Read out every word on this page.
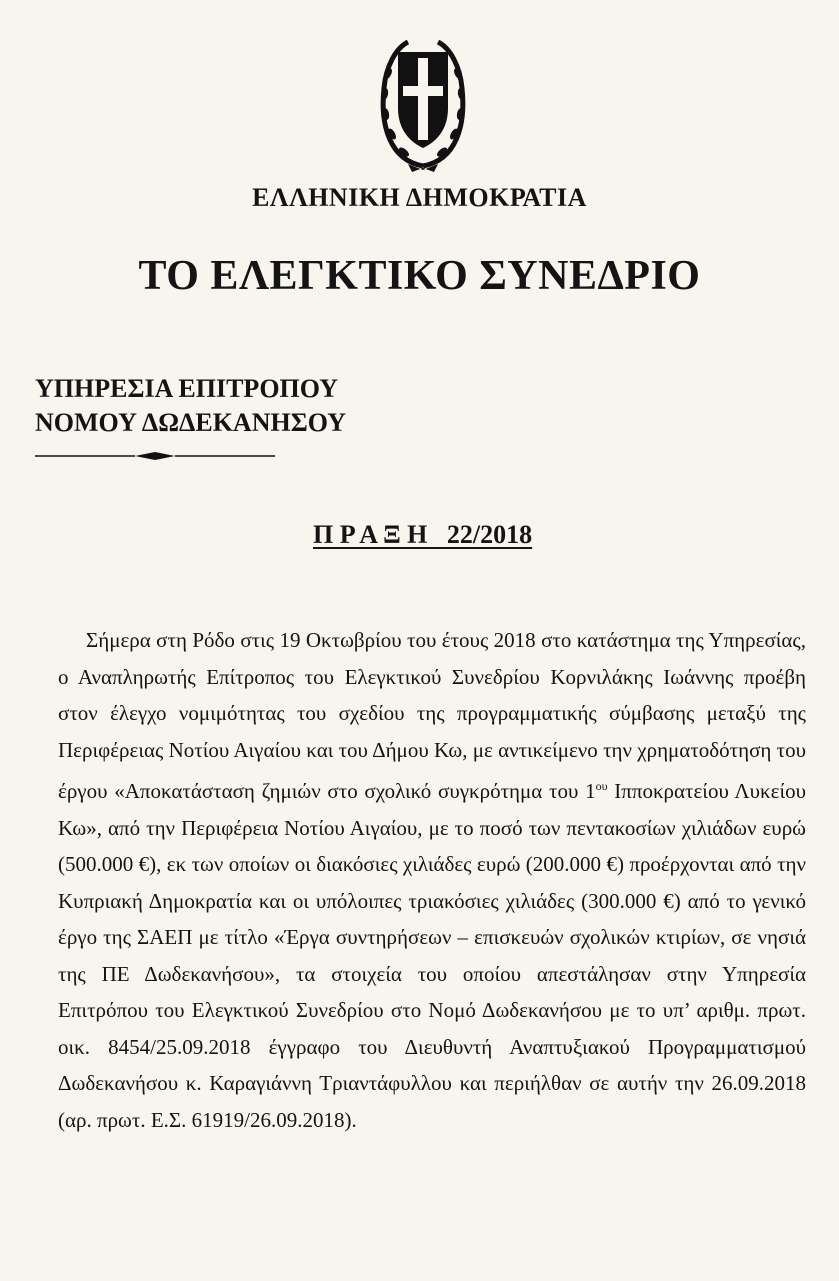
ΕΛΛΗΝΙΚΗ ΔΗΜΟΚΡΑΤΙΑ
ΤΟ ΕΛΕΓΚΤΙΚΟ ΣΥΝΕΔΡΙΟ
ΥΠΗΡΕΣΙΑ ΕΠΙΤΡΟΠΟΥ
ΝΟΜΟΥ ΔΩΔΕΚΑΝΗΣΟΥ
Π Ρ Α Ξ Η   22/2018
Σήμερα στη Ρόδο στις 19 Οκτωβρίου του έτους 2018 στο κατάστημα της Υπηρεσίας, ο Αναπληρωτής Επίτροπος του Ελεγκτικού Συνεδρίου Κορνιλάκης Ιωάννης προέβη στον έλεγχο νομιμότητας του σχεδίου της προγραμματικής σύμβασης μεταξύ της Περιφέρειας Νοτίου Αιγαίου και του Δήμου Κω, με αντικείμενο την χρηματοδότηση του έργου «Αποκατάσταση ζημιών στο σχολικό συγκρότημα του $1^{o\upsilon}$ Ιπποκρατείου Λυκείου Κω», από την Περιφέρεια Νοτίου Αιγαίου, με το ποσό των πεντακοσίων χιλιάδων ευρώ (500.000 €), εκ των οποίων οι διακόσιες χιλιάδες ευρώ (200.000 €) προέρχονται από την Κυπριακή Δημοκρατία και οι υπόλοιπες τριακόσιες χιλιάδες (300.000 €) από το γενικό έργο της ΣΑΕΠ με τίτλο «Έργα συντηρήσεων – επισκευών σχολικών κτιρίων, σε νησιά της ΠΕ Δωδεκανήσου», τα στοιχεία του οποίου απεστάλησαν στην Υπηρεσία Επιτρόπου του Ελεγκτικού Συνεδρίου στο Νομό Δωδεκανήσου με το υπ’ αριθμ. πρωτ. οικ. 8454/25.09.2018 έγγραφο του Διευθυντή Αναπτυξιακού Προγραμματισμού Δωδεκανήσου κ. Καραγιάννη Τριαντάφυλλου και περιήλθαν σε αυτήν την 26.09.2018 (αρ. πρωτ. Ε.Σ. 61919/26.09.2018).
